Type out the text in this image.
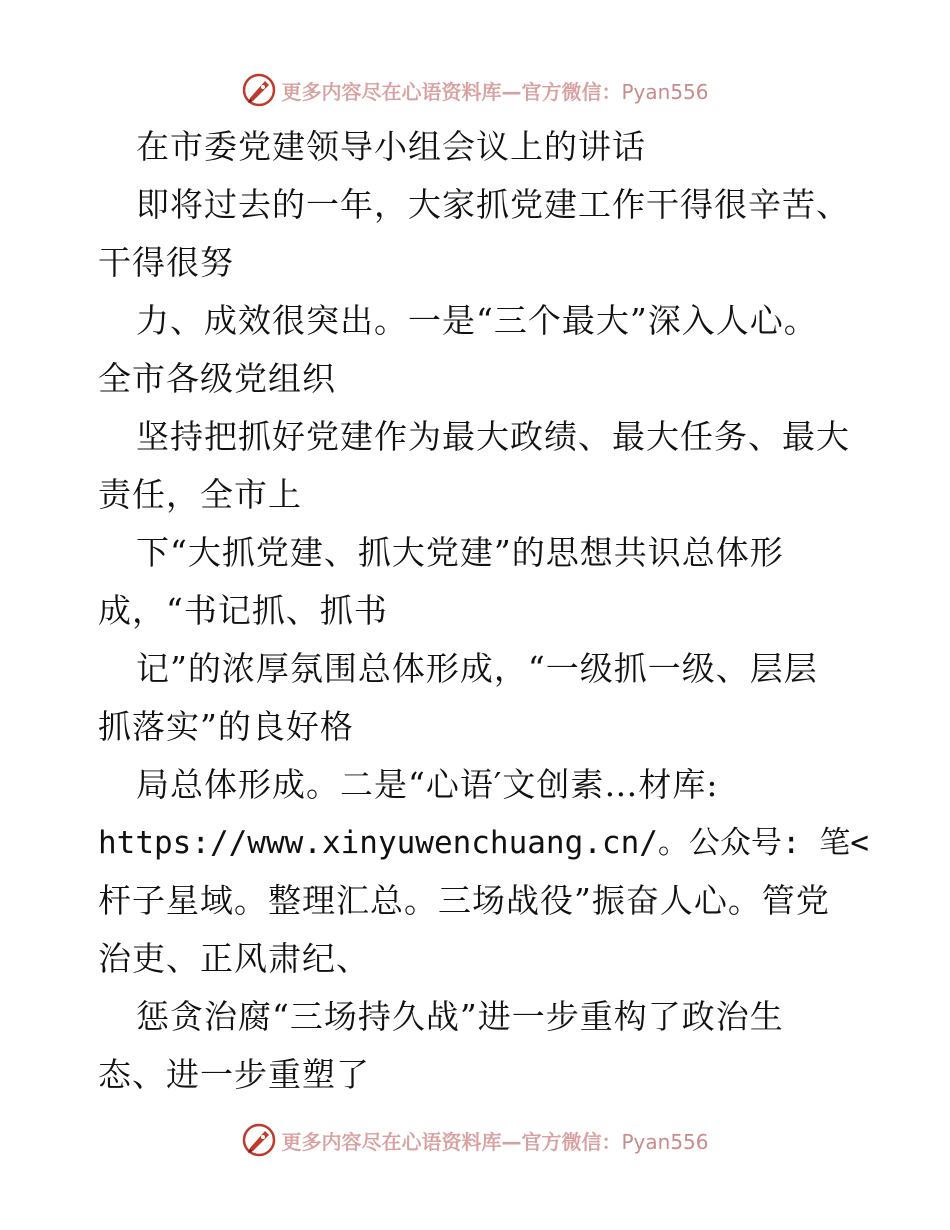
更多内容尽在心语资料库—官方微信：Pyan556
在市委党建领导小组会议上的讲话
即将过去的一年，大家抓党建工作干得很辛苦、
干得很努
力、成效很突出。一是“三个最大”深入人心。
全市各级党组织
坚持把抓好党建作为最大政绩、最大任务、最大
责任，全市上
下“大抓党建、抓大党建”的思想共识总体形
成，“书记抓、抓书
记”的浓厚氛围总体形成，“一级抓一级、层层
抓落实”的良好格
局总体形成。二是“心语′文创素…材库:
https://www.xinyuwenchuang.cn/。公众号: 笔<
杆子星域。整理汇总。三场战役”振奋人心。管党
治吏、正风肃纪、
惩贪治腐“三场持久战”进一步重构了政治生
态、进一步重塑了
更多内容尽在心语资料库—官方微信：Pyan556
